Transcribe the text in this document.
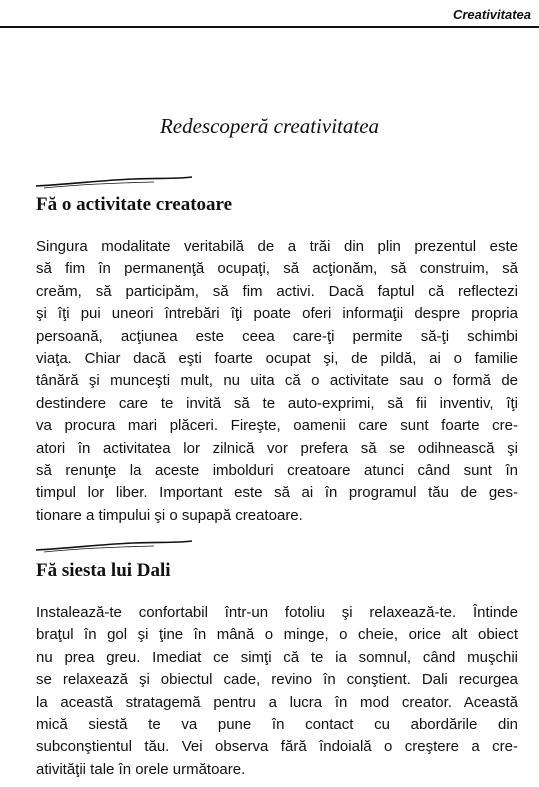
Creativitatea
Redescoperă creativitatea
Fă o activitate creatoare
Singura modalitate veritabilă de a trăi din plin prezentul este
să fim în permanenţă ocupaţi, să acţionăm, să construim, să
creăm, să participăm, să fim activi. Dacă faptul că reflectezi
şi îţi pui uneori întrebări îţi poate oferi informaţii despre propria
persoană, acţiunea este ceea care-ţi permite să-ţi schimbi
viaţa. Chiar dacă eşti foarte ocupat şi, de pildă, ai o familie
tânără şi munceşti mult, nu uita că o activitate sau o formă de
destindere care te invită să te auto-exprimi, să fii inventiv, îţi
va procura mari plăceri. Fireşte, oamenii care sunt foarte cre-
atori în activitatea lor zilnică vor prefera să se odihnească şi
să renunţe la aceste imbolduri creatoare atunci când sunt în
timpul lor liber. Important este să ai în programul tău de ges-
tionare a timpului şi o supapă creatoare.
Fă siesta lui Dali
Instalează-te confortabil într-un fotoliu şi relaxează-te. Întinde
braţul în gol şi ţine în mână o minge, o cheie, orice alt obiect
nu prea greu. Imediat ce simţi că te ia somnul, când muşchii
se relaxează şi obiectul cade, revino în conştient. Dali recurgea
la această stratagemă pentru a lucra în mod creator. Această
mică siestă te va pune în contact cu abordările din
subconştientul tău. Vei observa fără îndoială o creştere a cre-
ativităţii tale în orele următoare.
